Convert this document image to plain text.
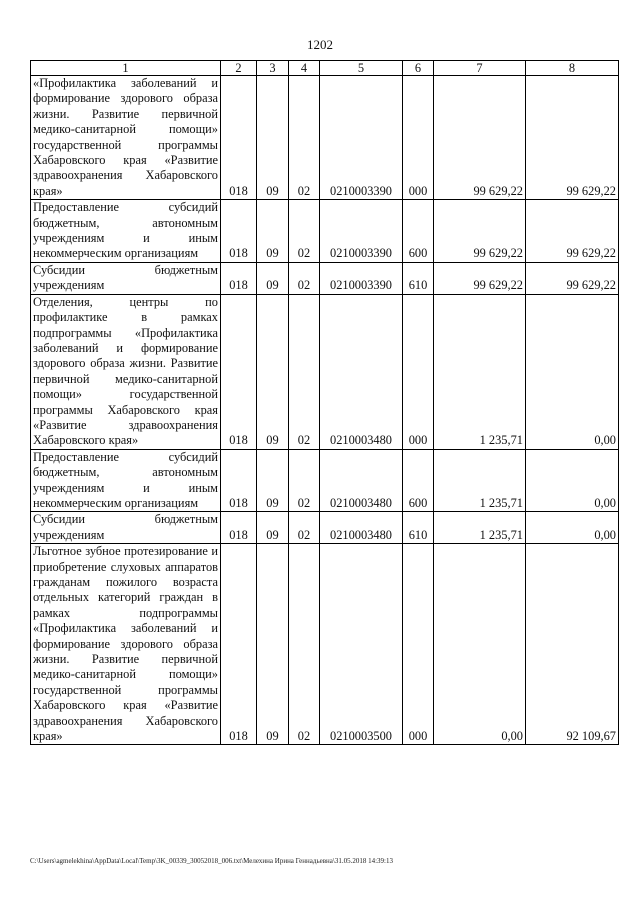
1202
1	2	3	4	5	6	7	8
«Профилактика заболеваний и формирование здорового образа жизни. Развитие первичной медико-санитарной помощи» государственной программы Хабаровского края «Развитие здравоохранения Хабаровского края»	018	09	02	0210003390	000	99 629,22	99 629,22
Предоставление субсидий бюджетным, автономным учреждениям и иным некоммерческим организациям	018	09	02	0210003390	600	99 629,22	99 629,22
Субсидии бюджетным учреждениям	018	09	02	0210003390	610	99 629,22	99 629,22
Отделения, центры по профилактике в рамках подпрограммы «Профилактика заболеваний и формирование здорового образа жизни. Развитие первичной медико-санитарной помощи» государственной программы Хабаровского края «Развитие здравоохранения Хабаровского края»	018	09	02	0210003480	000	1 235,71	0,00
Предоставление субсидий бюджетным, автономным учреждениям и иным некоммерческим организациям	018	09	02	0210003480	600	1 235,71	0,00
Субсидии бюджетным учреждениям	018	09	02	0210003480	610	1 235,71	0,00
Льготное зубное протезирование и приобретение слуховых аппаратов гражданам пожилого возраста отдельных категорий граждан в рамках подпрограммы «Профилактика заболеваний и формирование здорового образа жизни. Развитие первичной медико-санитарной помощи» государственной программы Хабаровского края «Развитие здравоохранения Хабаровского края»	018	09	02	0210003500	000	0,00	92 109,67
C:\Users\agmelekhina\AppData\Local\Temp\3K_00339_30052018_006.txt\Мелехина Ирина Геннадьевна\31.05.2018 14:39:13
